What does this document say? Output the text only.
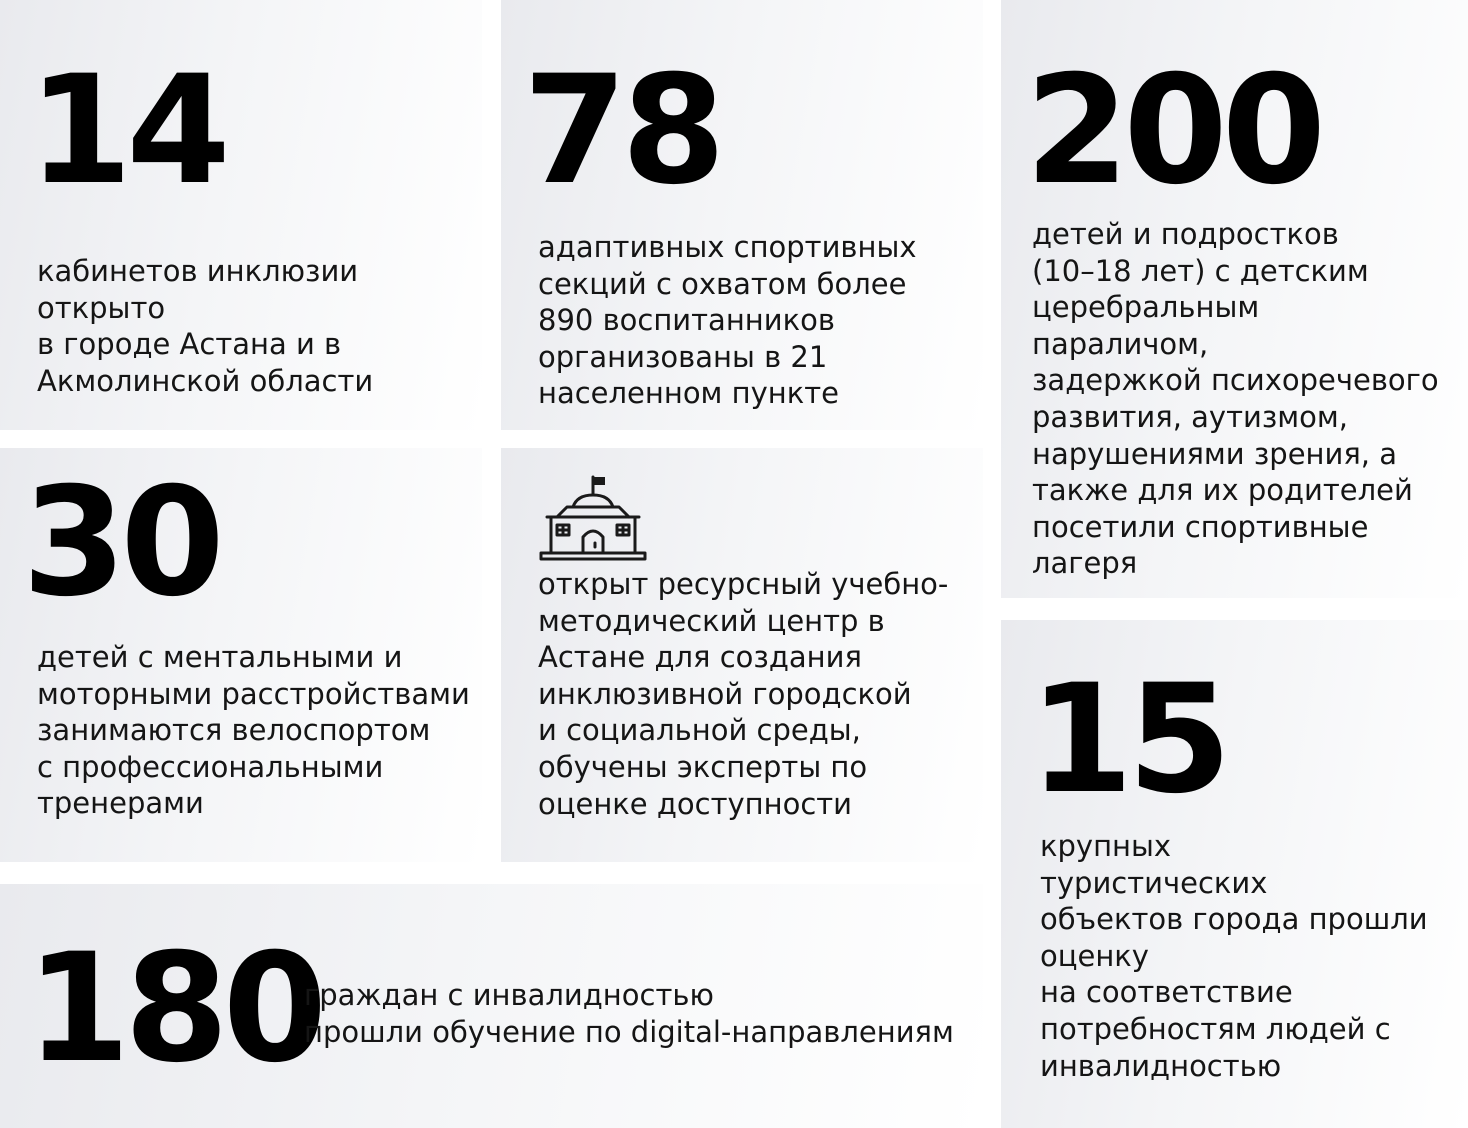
14
кабинетов инклюзии
открыто
в городе Астана и в
Акмолинской области
78
адаптивных спортивных
секций с охватом более
890 воспитанников
организованы в 21
населенном пункте
200
детей и подростков
(10–18 лет) с детским
церебральным
параличом,
задержкой психоречевого
развития, аутизмом,
нарушениями зрения, а
также для их родителей
посетили спортивные
лагеря
30
детей с ментальными и
моторными расстройствами
занимаются велоспортом
с профессиональными
тренерами
открыт ресурсный учебно-
методический центр в
Астане для создания
инклюзивной городской
и социальной среды,
обучены эксперты по
оценке доступности	15
крупных
туристических
объектов города прошли
оценку
на соответствие
потребностям людей с
инвалидностью
180
граждан с инвалидностью
прошли обучение по digital-направлениям
